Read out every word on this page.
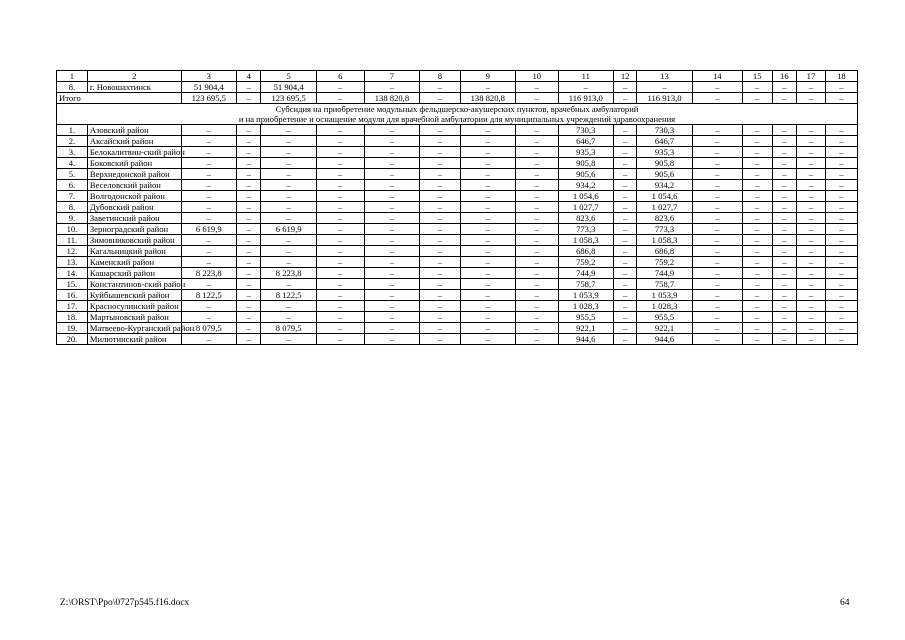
1	2	3	4	5	6	7	8	9	10	11	12	13	14	15	16	17	18
8.	г. Новошахтинск	51 904,4	–	51 904,4	–	–	–	–	–	–	–	–	–	–	–	–	–
Итого		123 695,5	–	123 695,5	–	138 820,8	–	138 820,8	–	116 913,0	–	116 913,0	–	–	–	–	–

Субсидия на приобретение модульных фельдшерско-акушерских пунктов, врачебных амбулаторий
и на приобретение и оснащение модуля для врачебной амбулатории для муниципальных учреждений здравоохранения																	

1.	Азовский район	–	–	–	–	–	–	–	–	730,3	–	730,3	–	–	–	–	–
2.	Аксайский район	–	–	–	–	–	–	–	–	646,7	–	646,7	–	–	–	–	–
3.	Белокалитвин-ский район	–	–	–	–	–	–	–	–	935,3	–	935,3	–	–	–	–	–
4.	Боковский район	–	–	–	–	–	–	–	–	905,8	–	905,8	–	–	–	–	–
5.	Верхнедонской район	–	–	–	–	–	–	–	–	905,6	–	905,6	–	–	–	–	–
6.	Веселовский район	–	–	–	–	–	–	–	–	934,2	–	934,2	–	–	–	–	–
7.	Волгодонской район	–	–	–	–	–	–	–	–	1 054,6	–	1 054,6	–	–	–	–	–
8.	Дубовский район	–	–	–	–	–	–	–	–	1 027,7	–	1 027,7	–	–	–	–	–
9.	Заветинский район	–	–	–	–	–	–	–	–	823,6	–	823,6	–	–	–	–	–
10.	Зерноградский район	6 619,9	–	6 619,9	–	–	–	–	–	773,3	–	773,3	–	–	–	–	–
11.	Зимовниковский район	–	–	–	–	–	–	–	–	1 058,3	–	1 058,3	–	–	–	–	–
12.	Кагальницкий район	–	–	–	–	–	–	–	–	686,8	–	686,8	–	–	–	–	–
13.	Каменский район	–	–	–	–	–	–	–	–	759,2	–	759,2	–	–	–	–	–
14.	Кашарский район	8 223,8	–	8 223,8	–	–	–	–	–	744,9	–	744,9	–	–	–	–	–
15.	Константинов-ский район	–	–	–	–	–	–	–	–	758,7	–	758,7	–	–	–	–	–
16.	Куйбышевский район	8 122,5	–	8 122,5	–	–	–	–	–	1 053,9	–	1 053,9	–	–	–	–	–
17.	Красносулинский район	–	–	–	–	–	–	–	–	1 028,3	–	1 028,3	–	–	–	–	–
18.	Мартыновский район	–	–	–	–	–	–	–	–	955,5	–	955,5	–	–	–	–	–
19.	Матвеево-Курганский район	8 079,5	–	8 079,5	–	–	–	–	–	922,1	–	922,1	–	–	–	–	–
20.	Милютинский район	–	–	–	–	–	–	–	–	944,6	–	944,6	–	–	–	–	–
Z:\ORST\Ppo\0727p545.f16.docx	64
